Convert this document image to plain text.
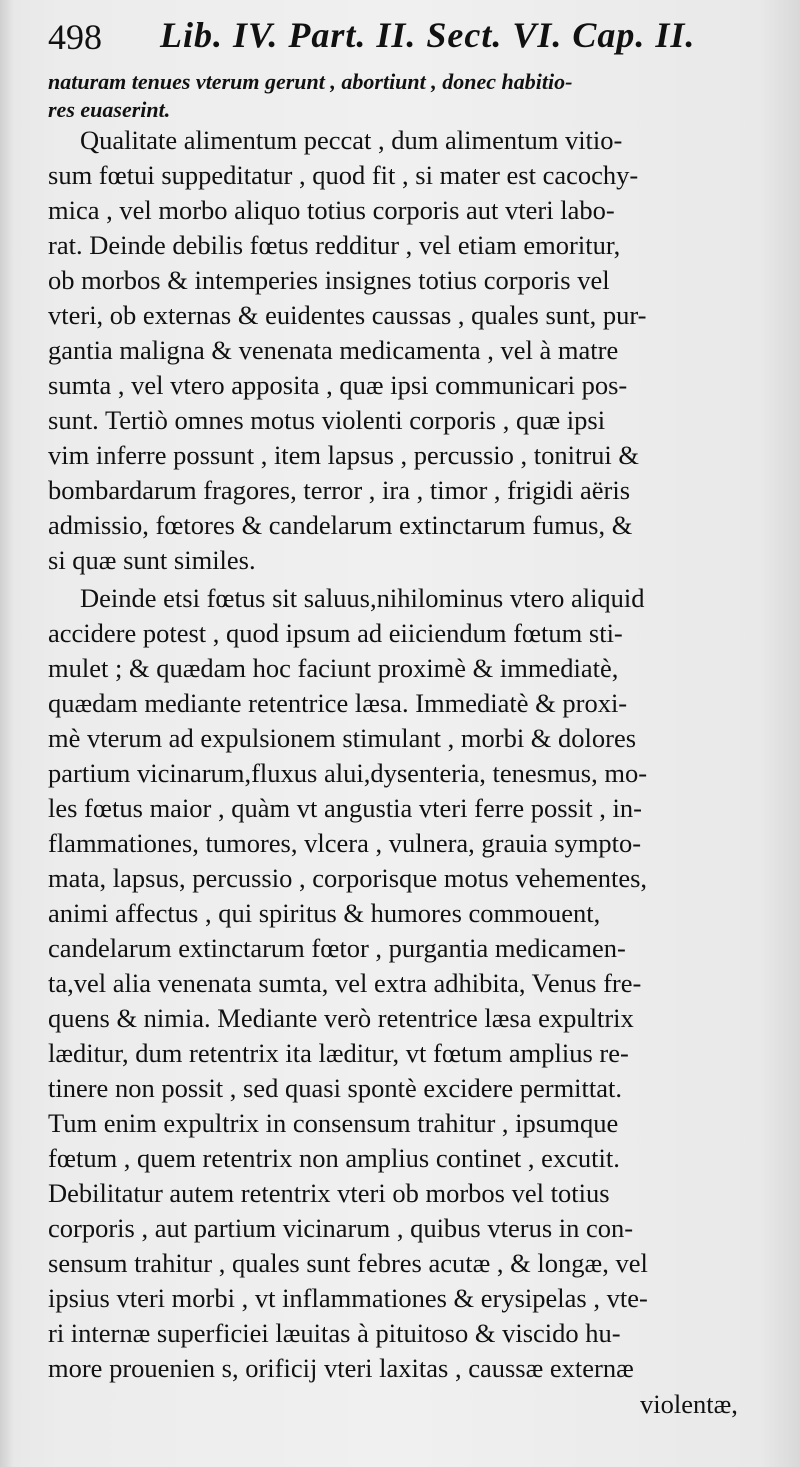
498 Lib. IV. Part. II. Sect. VI. Cap. II.
naturam tenues vterum gerunt , abortiunt , donec habitio-
res euaserint.
Qualitate alimentum peccat , dum alimentum vitio-
sum fœtui suppeditatur , quod fit , si mater est cacochy-
mica , vel morbo aliquo totius corporis aut vteri labo-
rat. Deinde debilis fœtus redditur , vel etiam emoritur,
ob morbos & intemperies insignes totius corporis vel
vteri, ob externas & euidentes caussas , quales sunt, pur-
gantia maligna & venenata medicamenta , vel à matre
sumta , vel vtero apposita , quæ ipsi communicari pos-
sunt. Tertiò omnes motus violenti corporis , quæ ipsi
vim inferre possunt , item lapsus , percussio , tonitrui &
bombardarum fragores, terror , ira , timor , frigidi aëris
admissio, fœtores & candelarum extinctarum fumus, &
si quæ sunt similes.
Deinde etsi fœtus sit saluus,nihilominus vtero aliquid
accidere potest , quod ipsum ad eiiciendum fœtum sti-
mulet ; & quædam hoc faciunt proximè & immediatè,
quædam mediante retentrice læsa. Immediatè & proxi-
mè vterum ad expulsionem stimulant , morbi & dolores
partium vicinarum,fluxus alui,dysenteria, tenesmus, mo-
les fœtus maior , quàm vt angustia vteri ferre possit , in-
flammationes, tumores, vlcera , vulnera, grauia sympto-
mata, lapsus, percussio , corporisque motus vehementes,
animi affectus , qui spiritus & humores commouent,
candelarum extinctarum fœtor , purgantia medicamen-
ta,vel alia venenata sumta, vel extra adhibita, Venus fre-
quens & nimia. Mediante verò retentrice læsa expultrix
læditur, dum retentrix ita læditur, vt fœtum amplius re-
tinere non possit , sed quasi spontè excidere permittat.
Tum enim expultrix in consensum trahitur , ipsumque
fœtum , quem retentrix non amplius continet , excutit.
Debilitatur autem retentrix vteri ob morbos vel totius
corporis , aut partium vicinarum , quibus vterus in con-
sensum trahitur , quales sunt febres acutæ , & longæ, vel
ipsius vteri morbi , vt inflammationes & erysipelas , vte-
ri internæ superficiei læuitas à pituitoso & viscido hu-
more prouenien s, orificij vteri laxitas , caussæ externæ
violentæ,
